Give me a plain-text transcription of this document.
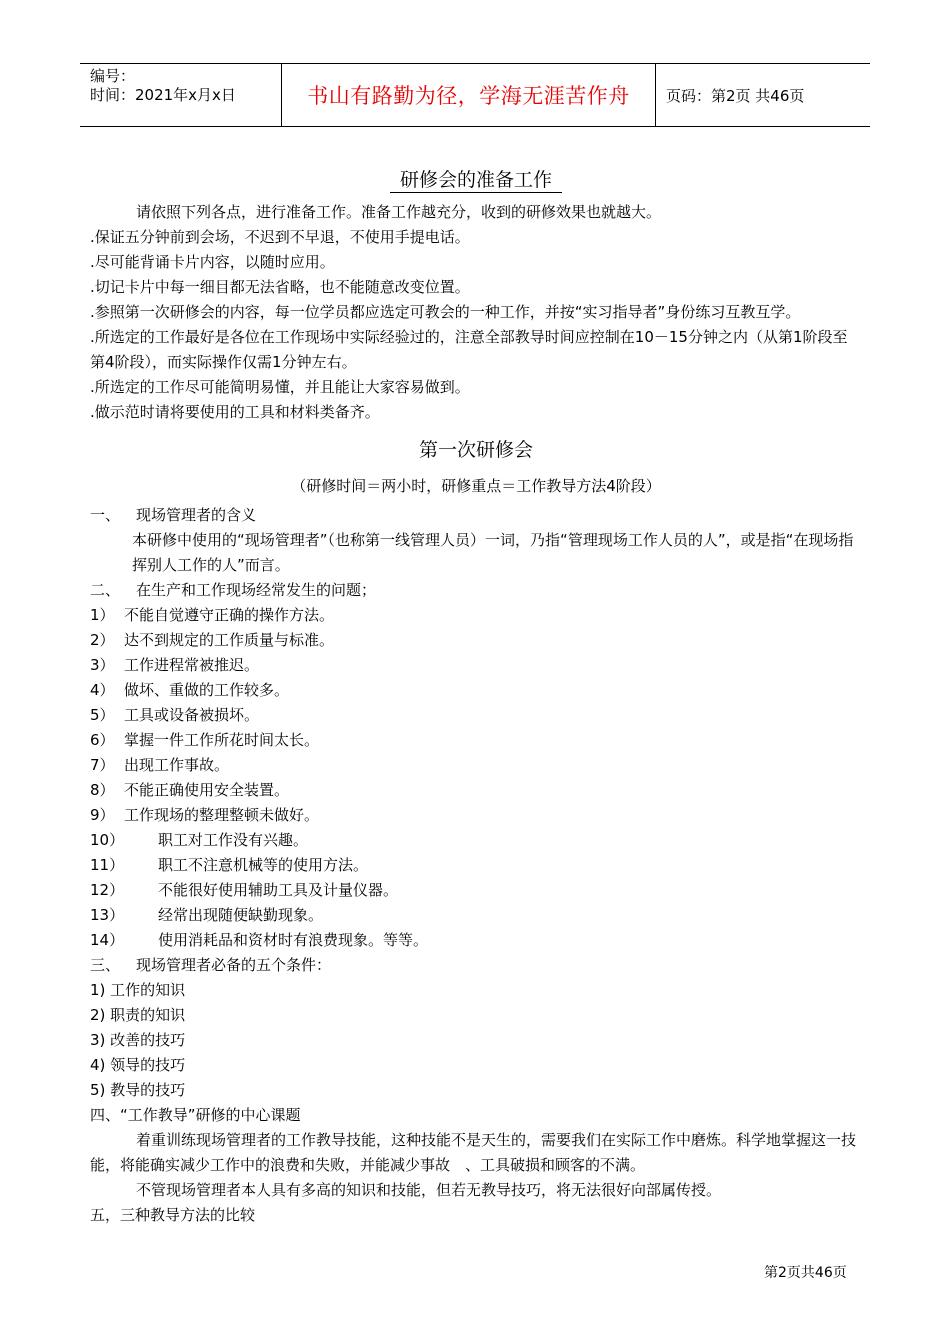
编号：
时间：2021年x月x日	书山有路勤为径，学海无涯苦作舟	页码：第2页 共46页
研修会的准备工作

请依照下列各点，进行准备工作。准备工作越充分，收到的研修效果也就越大。

.保证五分钟前到会场，不迟到不早退，不使用手提电话。

.尽可能背诵卡片内容，以随时应用。

.切记卡片中每一细目都无法省略，也不能随意改变位置。

.参照第一次研修会的内容，每一位学员都应选定可教会的一种工作，并按“实习指导者”身份练习互教互学。

.所选定的工作最好是各位在工作现场中实际经验过的，注意全部教导时间应控制在10－15分钟之内（从第1阶段至第4阶段），而实际操作仅需1分钟左右。

.所选定的工作尽可能简明易懂，并且能让大家容易做到。

.做示范时请将要使用的工具和材料类备齐。

第一次研修会

（研修时间＝两小时，研修重点＝工作教导方法4阶段）

一、 现场管理者的含义

本研修中使用的“现场管理者”（也称第一线管理人员）一词，乃指“管理现场工作人员的人”，或是指“在现场指挥别人工作的人”而言。

二、 在生产和工作现场经常发生的问题；

1） 不能自觉遵守正确的操作方法。

2） 达不到规定的工作质量与标准。

3） 工作进程常被推迟。

4） 做坏、重做的工作较多。

5） 工具或设备被损坏。

6） 掌握一件工作所花时间太长。

7） 出现工作事故。

8） 不能正确使用安全装置。

9） 工作现场的整理整顿未做好。

10） 职工对工作没有兴趣。

11） 职工不注意机械等的使用方法。

12） 不能很好使用辅助工具及计量仪器。

13） 经常出现随便缺勤现象。

14） 使用消耗品和资材时有浪费现象。等等。

三、 现场管理者必备的五个条件：

1) 工作的知识

2) 职责的知识

3) 改善的技巧

4) 领导的技巧

5) 教导的技巧

四、“工作教导”研修的中心课题

着重训练现场管理者的工作教导技能，这种技能不是天生的，需要我们在实际工作中磨炼。科学地掌握这一技能，将能确实减少工作中的浪费和失败，并能减少事故　、工具破损和顾客的不满。

不管现场管理者本人具有多高的知识和技能，但若无教导技巧，将无法很好向部属传授。

五，三种教导方法的比较

第2页共46页
